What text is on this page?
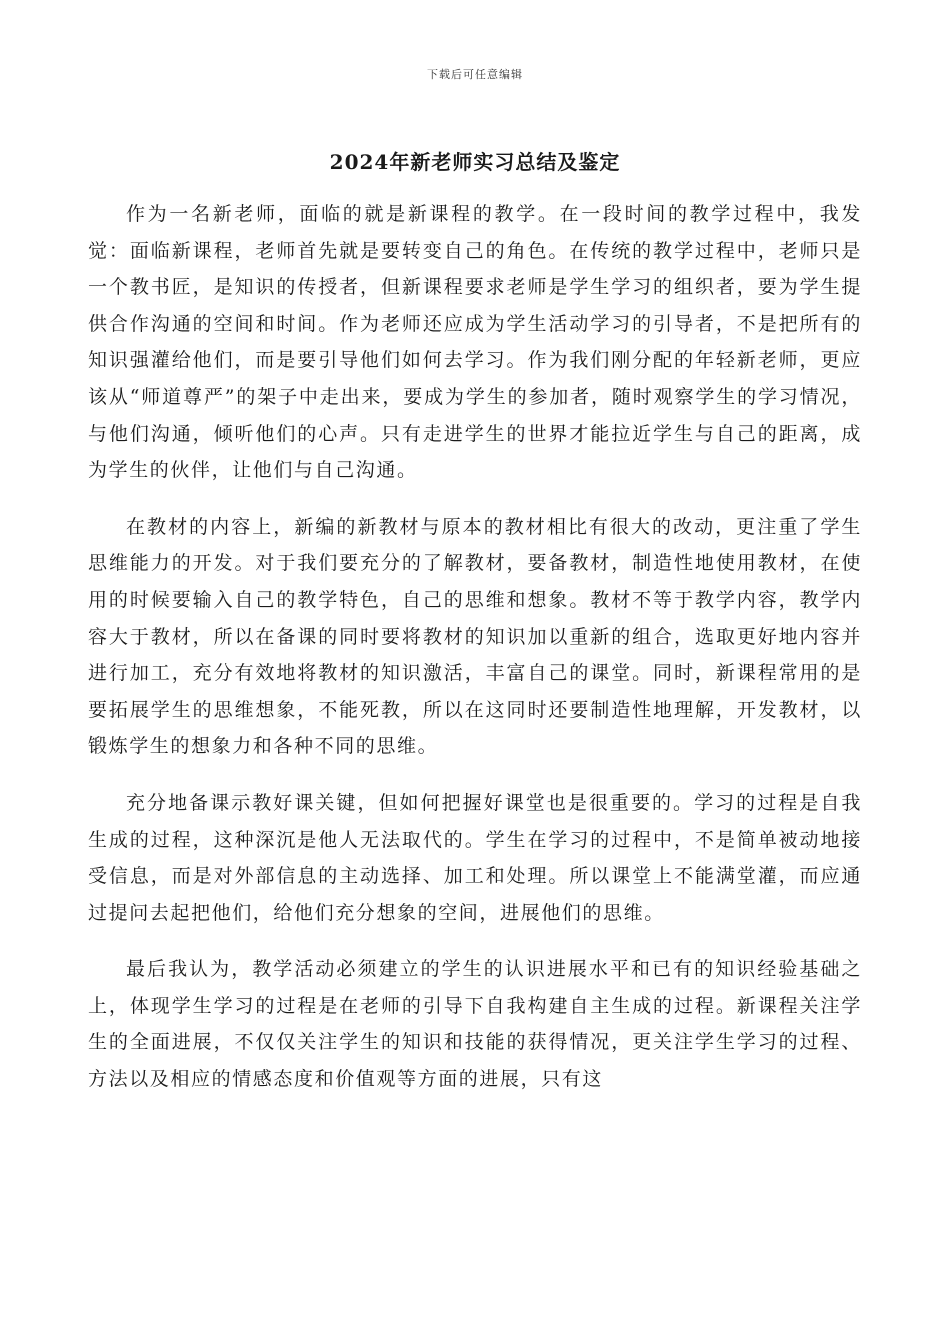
下载后可任意编辑
2024年新老师实习总结及鉴定

作为一名新老师，面临的就是新课程的教学。在一段时间的教学过程中，我发觉：面临新课程，老师首先就是要转变自己的角色。在传统的教学过程中，老师只是一个教书匠，是知识的传授者，但新课程要求老师是学生学习的组织者，要为学生提供合作沟通的空间和时间。作为老师还应成为学生活动学习的引导者，不是把所有的知识强灌给他们，而是要引导他们如何去学习。作为我们刚分配的年轻新老师，更应该从“师道尊严”的架子中走出来，要成为学生的参加者，随时观察学生的学习情况，与他们沟通，倾听他们的心声。只有走进学生的世界才能拉近学生与自己的距离，成为学生的伙伴，让他们与自己沟通。

在教材的内容上，新编的新教材与原本的教材相比有很大的改动，更注重了学生思维能力的开发。对于我们要充分的了解教材，要备教材，制造性地使用教材，在使用的时候要输入自己的教学特色，自己的思维和想象。教材不等于教学内容，教学内容大于教材，所以在备课的同时要将教材的知识加以重新的组合，选取更好地内容并进行加工，充分有效地将教材的知识激活，丰富自己的课堂。同时，新课程常用的是要拓展学生的思维想象，不能死教，所以在这同时还要制造性地理解，开发教材，以锻炼学生的想象力和各种不同的思维。

充分地备课示教好课关键，但如何把握好课堂也是很重要的。学习的过程是自我生成的过程，这种深沉是他人无法取代的。学生在学习的过程中，不是简单被动地接受信息，而是对外部信息的主动选择、加工和处理。所以课堂上不能满堂灌，而应通过提问去起把他们，给他们充分想象的空间，进展他们的思维。

最后我认为，教学活动必须建立的学生的认识进展水平和已有的知识经验基础之上，体现学生学习的过程是在老师的引导下自我构建自主生成的过程。新课程关注学生的全面进展，不仅仅关注学生的知识和技能的获得情况，更关注学生学习的过程、方法以及相应的情感态度和价值观等方面的进展，只有这
